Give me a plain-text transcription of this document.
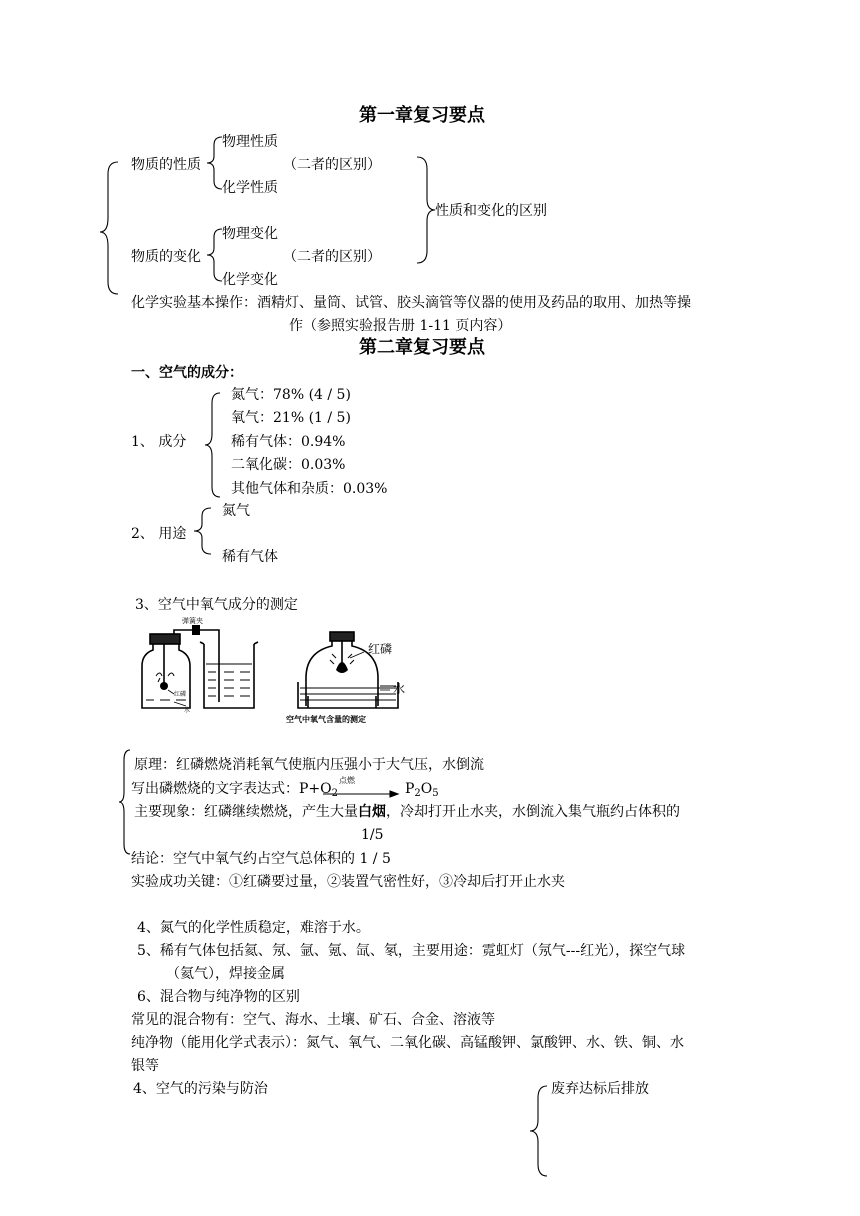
第一章复习要点
物理性质
物质的性质	（二者的区别）
化学性质
物理变化
物质的变化	（二者的区别）
化学变化
性质和变化的区别
化学实验基本操作：酒精灯、量筒、试管、胶头滴管等仪器的使用及药品的取用、加热等操
作（参照实验报告册 1-11 页内容）
第二章复习要点
一、空气的成分：
氮气：78% (4 / 5)
氧气：21% (1 / 5)
1、 成分	稀有气体：0.94%
二氧化碳：0.03%
其他气体和杂质：0.03%
氮气
2、 用途
稀有气体
3、空气中氧气成分的测定
弹簧夹
红磷
水
红磷
水
空气中氧气含量的测定
原理：红磷燃烧消耗氧气使瓶内压强小于大气压，水倒流
写出磷燃烧的文字表达式：$P+O_2$
点燃
$P_2O_5$
主要现象：红磷继续燃烧，产生大量白烟，冷却打开止水夹，水倒流入集气瓶约占体积的
1/5
结论：空气中氧气约占空气总体积的 1 / 5
实验成功关键：①红磷要过量，②装置气密性好，③冷却后打开止水夹
4、氮气的化学性质稳定，难溶于水。
5、稀有气体包括氦、氖、氩、氪、氙、氡，主要用途：霓虹灯（氖气---红光），探空气球
（氦气），焊接金属
6、混合物与纯净物的区别
常见的混合物有：空气、海水、土壤、矿石、合金、溶液等
纯净物（能用化学式表示）：氮气、氧气、二氧化碳、高锰酸钾、氯酸钾、水、铁、铜、水
银等
4、空气的污染与防治	废弃达标后排放
